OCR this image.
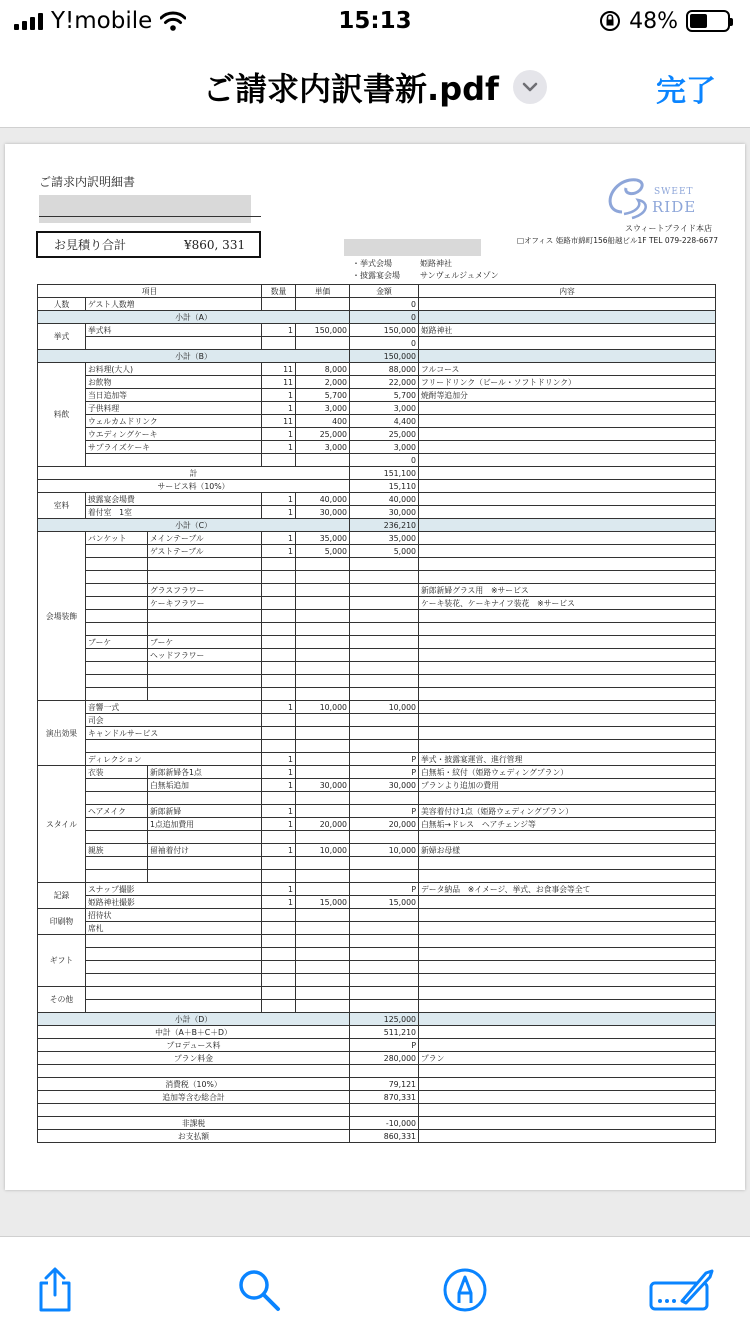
Y!mobile	15:13	48%
ご請求内訳書新.pdf	完了
ご請求内訳明細書
お見積り合計	¥860, 331
SWEET
RIDE
スウィートブライド本店
□オフィス 姫路市綿町156船越ビル1F TEL 079-228-6677
・挙式会場	姫路神社
・披露宴会場	サンヴェルジュメゾン
項目			数量	単価	金額	内容
人数	ゲスト人数増				0	
小計（A）					0	
挙式	挙式料		1	150,000	150,000	姫路神社
					0	
小計（B）					150,000	
料飲	お料理(大人)		11	8,000	88,000	フルコース
	お飲物		11	2,000	22,000	フリードリンク（ビール・ソフトドリンク）
	当日追加等		1	5,700	5,700	焼酎等追加分
	子供料理		1	3,000	3,000	
	ウェルカムドリンク		11	400	4,400	
	ウエディングケーキ		1	25,000	25,000	
	サプライズケーキ		1	3,000	3,000	
					0	
計					151,100	
サービス料（10%）					15,110	
室料	披露宴会場費		1	40,000	40,000	
	着付室　1室		1	30,000	30,000	
小計（C）					236,210	
会場装飾	バンケット	メインテーブル	1	35,000	35,000	
		ゲストテーブル	1	5,000	5,000	

		グラスフラワー				新郎新婦グラス用　※サービス
		ケーキフラワー				ケーキ装花、ケーキナイフ装花　※サービス

	ブーケ	ブーケ				
		ヘッドフラワー				

演出効果	音響一式		1	10,000	10,000	
	司会					
	キャンドルサービス					

	ディレクション		1		P	挙式・披露宴運営、進行管理
スタイル	衣装	新郎新婦各1点	1		P	白無垢・紋付（姫路ウェディングプラン）
		白無垢追加	1	30,000	30,000	プランより追加の費用

	ヘアメイク	新郎新婦	1		P	美容着付け1点（姫路ウェディングプラン）
		1点追加費用	1	20,000	20,000	白無垢→ドレス　ヘアチェンジ等

	親族	留袖着付け	1	10,000	10,000	新婦お母様

記録	スナップ撮影		1		P	データ納品　※イメージ、挙式、お食事会等全て
	姫路神社撮影		1	15,000	15,000	
印刷物	招待状					
	席札					
ギフト						

その他						

小計（D）					125,000	
中計（A＋B＋C＋D）					511,210	
プロデュース料					P	
プラン料金					280,000	プラン

消費税（10%）					79,121	
追加等含む総合計					870,331	

非課税					-10,000	
お支払額					860,331	
